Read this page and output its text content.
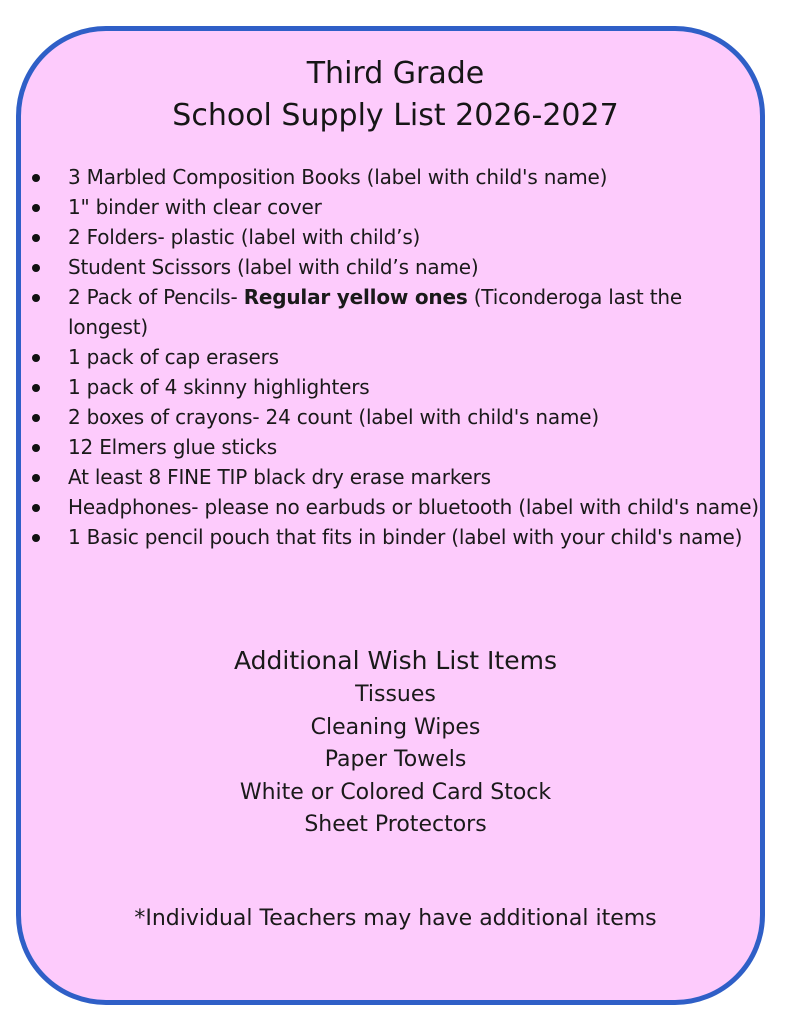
Third Grade
School Supply List 2026-2027
3 Marbled Composition Books (label with child's name)
1" binder with clear cover
2 Folders- plastic (label with child’s)
Student Scissors (label with child’s name)
2 Pack of Pencils- Regular yellow ones (Ticonderoga last the longest)
1 pack of cap erasers
1 pack of 4 skinny highlighters
2 boxes of crayons- 24 count (label with child's name)
12 Elmers glue sticks
At least 8 FINE TIP black dry erase markers
Headphones- please no earbuds or bluetooth (label with child's name)
1 Basic pencil pouch that fits in binder (label with your child's name)
Additional Wish List Items
Tissues
Cleaning Wipes
Paper Towels
White or Colored Card Stock
Sheet Protectors
*Individual Teachers may have additional items
